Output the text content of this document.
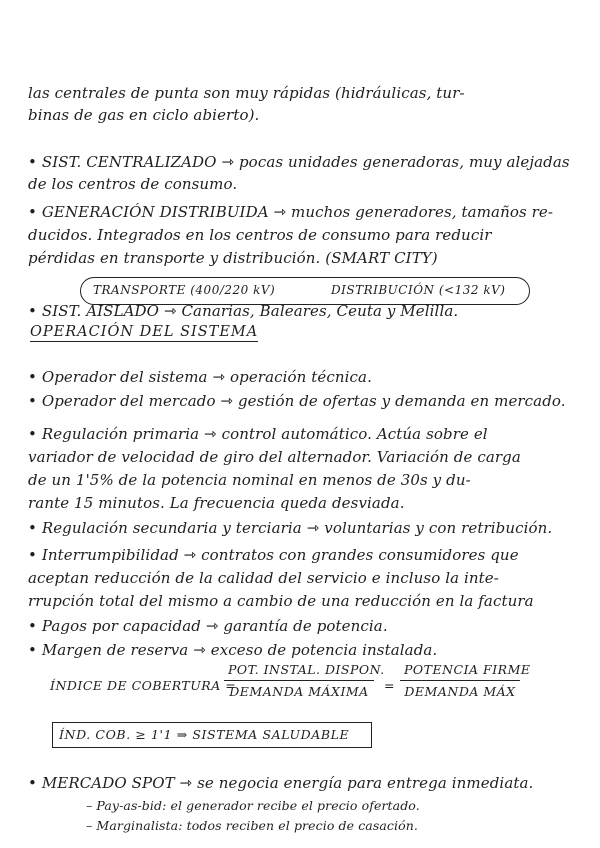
las centrales de punta son muy rápidas (hidráulicas, tur-
binas de gas en ciclo abierto).
• SIST. CENTRALIZADO ⇾ pocas unidades generadoras, muy alejadas
de los centros de consumo.
• GENERACIÓN DISTRIBUIDA ⇾ muchos generadores, tamaños re-
ducidos. Integrados en los centros de consumo para reducir
pérdidas en transporte y distribución. (SMART CITY)
TRANSPORTE (400/220 kV)	DISTRIBUCIÓN (<132 kV)
• SIST. AISLADO ⇾ Canarias, Baleares, Ceuta y Melilla.
OPERACIÓN DEL SISTEMA
• Operador del sistema ⇾ operación técnica.
• Operador del mercado ⇾ gestión de ofertas y demanda en mercado.
• Regulación primaria ⇾ control automático. Actúa sobre el
variador de velocidad de giro del alternador. Variación de carga
de un 1'5% de la potencia nominal en menos de 30s y du-
rante 15 minutos. La frecuencia queda desviada.
• Regulación secundaria y terciaria ⇾ voluntarias y con retribución.
• Interrumpibilidad ⇾ contratos con grandes consumidores que
aceptan reducción de la calidad del servicio e incluso la inte-
rrupción total del mismo a cambio de una reducción en la factura
• Pagos por capacidad ⇾ garantía de potencia.
• Margen de reserva ⇾ exceso de potencia instalada.
ÍNDICE DE COBERTURA =
POT. INSTAL. DISPON.
DEMANDA MÁXIMA	=
POTENCIA FIRME
DEMANDA MÁX
ÍND. COB. ≥ 1'1 ⇒ SISTEMA SALUDABLE
• MERCADO SPOT ⇾ se negocia energía para entrega inmediata.
– Pay-as-bid: el generador recibe el precio ofertado.
– Marginalista: todos reciben el precio de casación.
